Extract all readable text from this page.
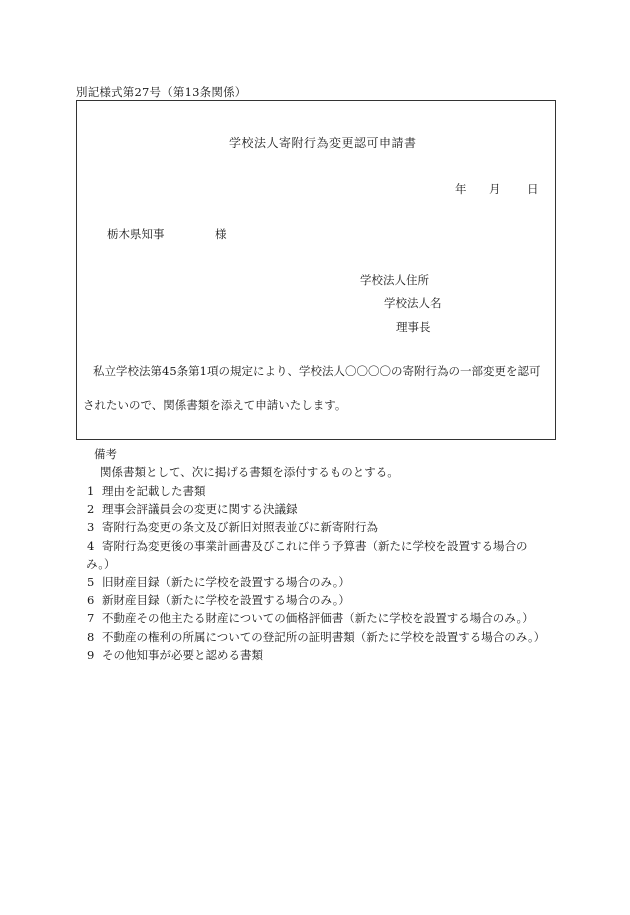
別記様式第27号（第13条関係）
学校法人寄附行為変更認可申請書
年 月 日
栃木県知事	様
学校法人住所
学校法人名
理事長
私立学校法第45条第1項の規定により、学校法人〇〇〇〇の寄附行為の一部変更を認可
されたいので、関係書類を添えて申請いたします。
備考
関係書類として、次に掲げる書類を添付するものとする。
1 理由を記載した書類
2 理事会評議員会の変更に関する決議録
3 寄附行為変更の条文及び新旧対照表並びに新寄附行為
4 寄附行為変更後の事業計画書及びこれに伴う予算書（新たに学校を設置する場合の
み。）
5 旧財産目録（新たに学校を設置する場合のみ。）
6 新財産目録（新たに学校を設置する場合のみ。）
7 不動産その他主たる財産についての価格評価書（新たに学校を設置する場合のみ。）
8 不動産の権利の所属についての登記所の証明書類（新たに学校を設置する場合のみ。）
9 その他知事が必要と認める書類
